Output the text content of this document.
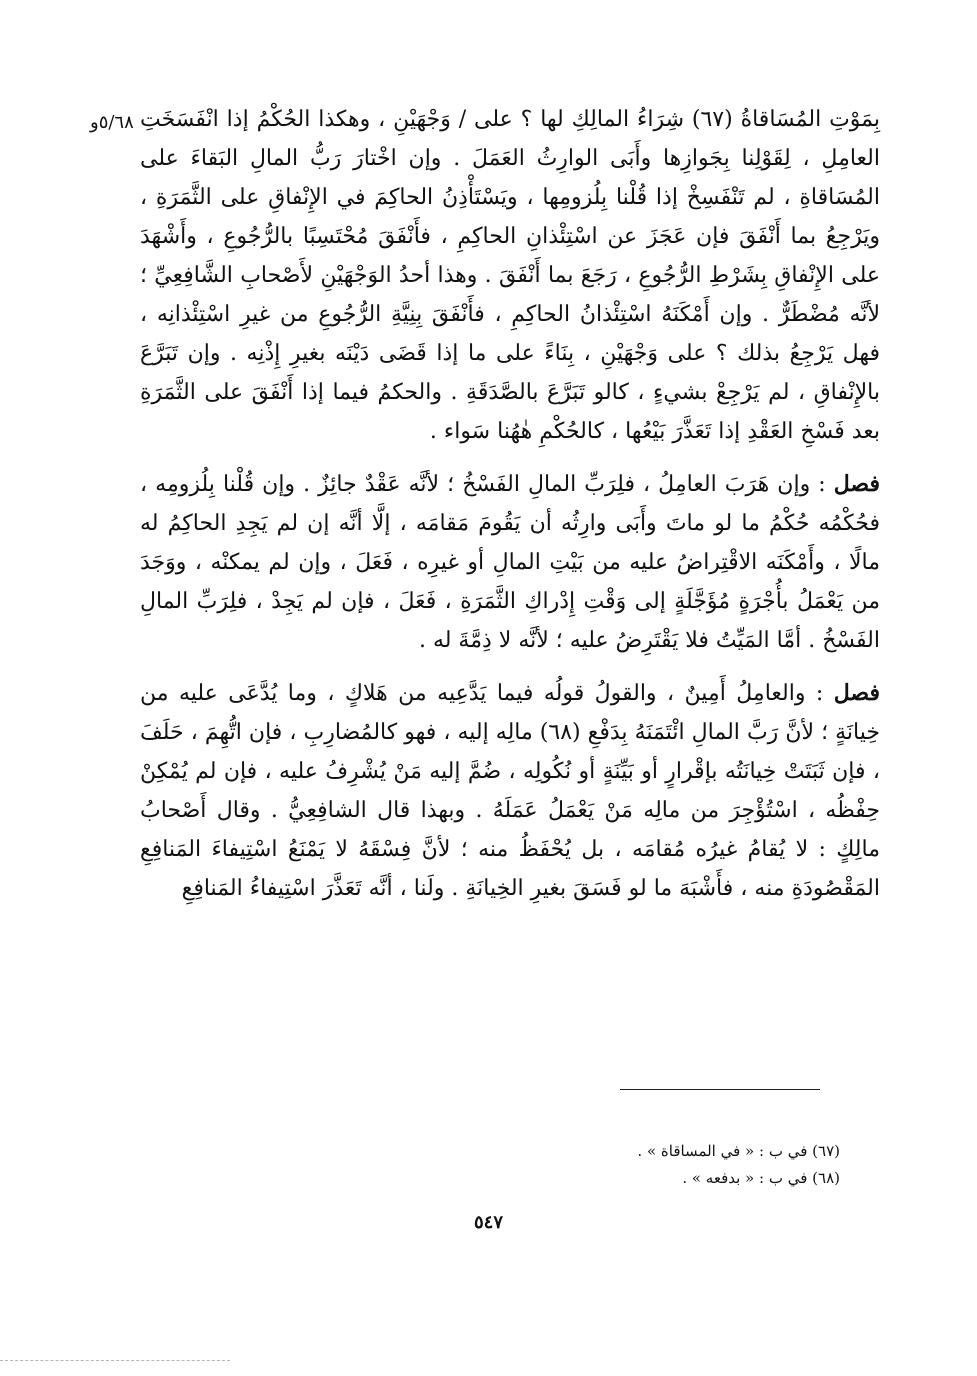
٥/٦٨و بِمَوْتِ المُسَاقاةُ (٦٧) شِرَاءُ المالِكِ لها ؟ على / وَجْهَيْنِ ، وهكذا الحُكْمُ إذا انْفَسَخَتِ العامِلِ ، لِقَوْلِنا بِجَوازِها وأَبَى الوارِثُ العَمَلَ . وإن اخْتارَ رَبُّ المالِ البَقاءَ على المُسَاقاةِ ، لم تَنْفَسِخْ إذا قُلْنا بِلُزومِها ، ويَسْتَأْذِنُ الحاكِمَ في الإِنْفاقِ على الثَّمَرَةِ ، ويَرْجِعُ بما أَنْفَقَ فإن عَجَزَ عن اسْتِئْذانِ الحاكِمِ ، فأَنْفَقَ مُحْتَسِبًا بالرُّجُوعِ ، وأَشْهَدَ على الإِنْفاقِ بِشَرْطِ الرُّجُوعِ ، رَجَعَ بما أَنْفَقَ . وهذا أحدُ الوَجْهَيْنِ لأَصْحابِ الشَّافِعِيِّ ؛ لأنَّه مُضْطَرٌّ . وإن أَمْكَنَهُ اسْتِئْذانُ الحاكِمِ ، فأَنْفَقَ بِنِيَّةِ الرُّجُوعِ من غيرِ اسْتِئْذانِه ، فهل يَرْجِعُ بذلك ؟ على وَجْهَيْنِ ، بِنَاءً على ما إذا قَضَى دَيْنَه بغيرِ إِذْنِه . وإن تَبَرَّعَ بالإِنْفاقِ ، لم يَرْجِعْ بشيءٍ ، كالو تَبَرَّعَ بالصَّدَقَةِ . والحكمُ فيما إذا أَنْفَقَ على الثَّمَرَةِ بعد فَسْخِ العَقْدِ إذا تَعَذَّرَ بَيْعُها ، كالحُكْمِ هٰهُنا سَواء .

فصل : وإن هَرَبَ العامِلُ ، فلِرَبِّ المالِ الفَسْخُ ؛ لأنَّه عَقْدٌ جائِزٌ . وإن قُلْنا بِلُزومِه ، فحُكْمُه حُكْمُ ما لو ماتَ وأَبَى وارِثُه أن يَقُومَ مَقامَه ، إلَّا أنَّه إن لم يَجِدِ الحاكِمُ له مالًا ، وأَمْكَنَه الاقْتِراضُ عليه من بَيْتِ المالِ أو غيرِه ، فَعَلَ ، وإن لم يمكنْه ، ووَجَدَ من يَعْمَلُ بأُجْرَةٍ مُؤَجَّلَةٍ إلى وَقْتِ إِدْراكِ الثَّمَرَةِ ، فَعَلَ ، فإن لم يَجِدْ ، فلِرَبِّ المالِ الفَسْخُ . أمَّا المَيِّتُ فلا يَقْتَرِضُ عليه ؛ لأنَّه لا ذِمَّةَ له .

فصل : والعامِلُ أَمِينٌ ، والقولُ قولُه فيما يَدَّعِيه من هَلاكٍ ، وما يُدَّعَى عليه من خِيانَةٍ ؛ لأنَّ رَبَّ المالِ ائْتَمَنَهُ بِدَفْعِ (٦٨) مالِه إليه ، فهو كالمُضارِبِ ، فإن اتُّهِمَ ، حَلَفَ ، فإن ثَبَتَتْ خِيانَتُه بإقْرارٍ أو بَيِّنَةٍ أو نُكُولِه ، ضُمَّ إليه مَنْ يُشْرِفُ عليه ، فإن لم يُمْكِنْ حِفْظُه ، اسْتُؤْجِرَ من مالِه مَنْ يَعْمَلُ عَمَلَهُ . وبهذا قال الشافِعِيُّ . وقال أَصْحابُ مالِكٍ : لا يُقامُ غيرُه مُقامَه ، بل يُحْفَظُ منه ؛ لأنَّ فِسْقَهُ لا يَمْنَعُ اسْتِيفاءَ المَنافِعِ المَقْصُودَةِ منه ، فأَشْبَهَ ما لو فَسَقَ بغيرِ الخِيانَةِ . ولَنا ، أنَّه تَعَذَّرَ اسْتِيفاءُ المَنافِعِ

(٦٧) في ب : « في المساقاة » .

(٦٨) في ب : « بدفعه » .

٥٤٧
